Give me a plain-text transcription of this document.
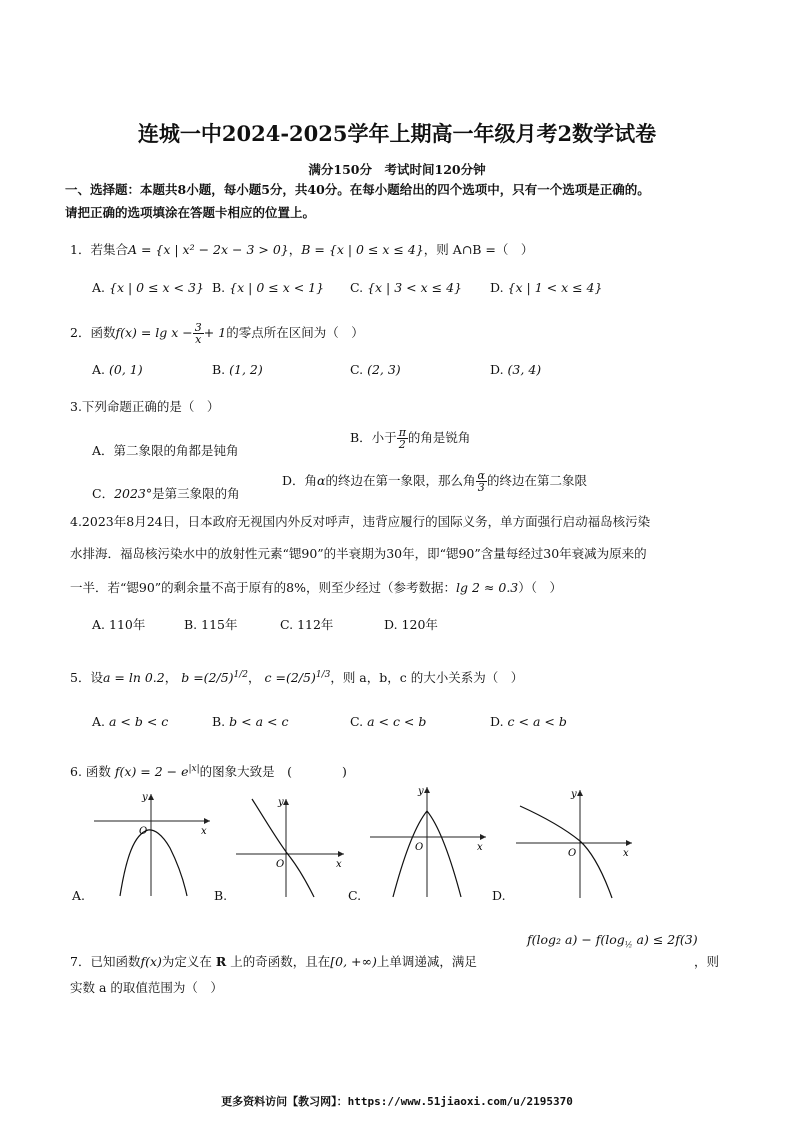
连城一中2024-2025学年上期高一年级月考2数学试卷
满分150分　考试时间120分钟
一、选择题：本题共8小题，每小题5分，共40分。在每小题给出的四个选项中，只有一个选项是正确的。
请把正确的选项填涂在答题卡相应的位置上。
1．若集合A = {x | x² − 2x − 3 > 0}，B = {x | 0 ≤ x ≤ 4}，则 A∩B =（　）
A. {x | 0 ≤ x < 3} B. {x | 0 ≤ x < 1} C. {x | 3 < x ≤ 4} D. {x | 1 < x ≤ 4}
2．函数$f(x) = \lg x - \frac{3}{x} + 1$的零点所在区间为（　）
A. (0, 1)	B. (1, 2)	C. (2, 3)	D. (3, 4)
3.下列命题正确的是（　）
A．第二象限的角都是钝角
B．小于 $\frac{\pi}{2}$ 的角是锐角
C．2023°是第三象限的角
D．角α的终边在第一象限，那么角 $\frac{\alpha}{3}$ 的终边在第二象限
4.2023年8月24日，日本政府无视国内外反对呼声，违背应履行的国际义务，单方面强行启动福岛核污染
水排海．福岛核污染水中的放射性元素“锶90”的半衰期为30年，即“锶90”含量每经过30年衰减为原来的
一半．若“锶90”的剩余量不高于原有的8%，则至少经过（参考数据：lg 2 ≈ 0.3）（　）
A. 110年	B. 115年	C. 112年	D. 120年
5．设a = ln 0.2， $b =(2/5)^{1/2}$， $c =(2/5)^{1/3}$，则 a，b，c 的大小关系为（　）
A. a < b < c	B. b < a < c	C. a < c < b	D. c < a < b
6. 函数 $f(x) = 2 - e^{|x|}$的图象大致是　(　　　　)
x
y
O
A.
x
y
O
B.
x
y
O
C.
x
y
O
D.
7．已知函数f(x)为定义在 R 上的奇函数，且在[0, +∞)上单调递减，满足
f(log₂ $a) - f(\log_{\frac{1}{2}}$ a) ≤ 2f(3)
，则
实数 a 的取值范围为（　）
更多资料访问【教习网】：https://www.51jiaoxi.com/u/2195370
